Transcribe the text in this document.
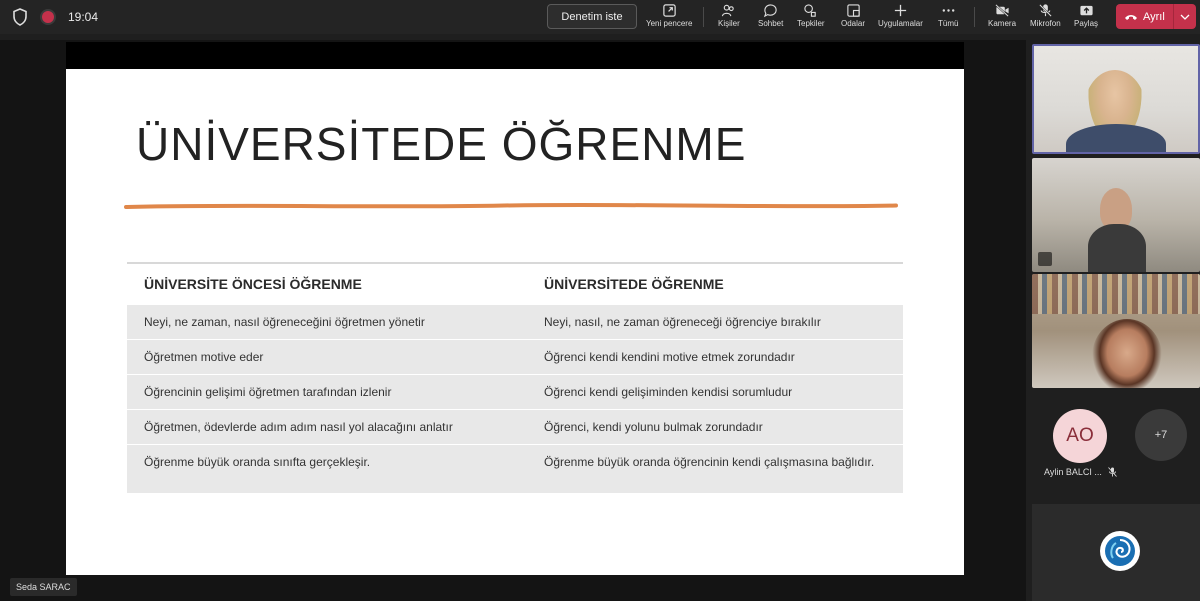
19:04	Denetim iste
Yeni pencere	Kişiler Sohbet Tepkiler Odalar Uygulamalar Tümü	Kamera Mikrofon Paylaş
Ayrıl
ÜNİVERSİTEDE ÖĞRENME
ÜNİVERSİTE ÖNCESİ ÖĞRENME	ÜNİVERSİTEDE ÖĞRENME
Neyi, ne zaman, nasıl öğreneceğini öğretmen yönetir	Neyi, nasıl, ne zaman öğreneceği öğrenciye bırakılır
Öğretmen motive eder	Öğrenci kendi kendini motive etmek zorundadır
Öğrencinin gelişimi öğretmen tarafından izlenir	Öğrenci kendi gelişiminden kendisi sorumludur
Öğretmen, ödevlerde adım adım nasıl yol alacağını anlatır	Öğrenci, kendi yolunu bulmak zorundadır
Öğrenme büyük oranda sınıfta gerçekleşir.	Öğrenme büyük oranda öğrencinin kendi çalışmasına bağlıdır.
Seda SARAC
AO	+7
Aylin BALCI ...
